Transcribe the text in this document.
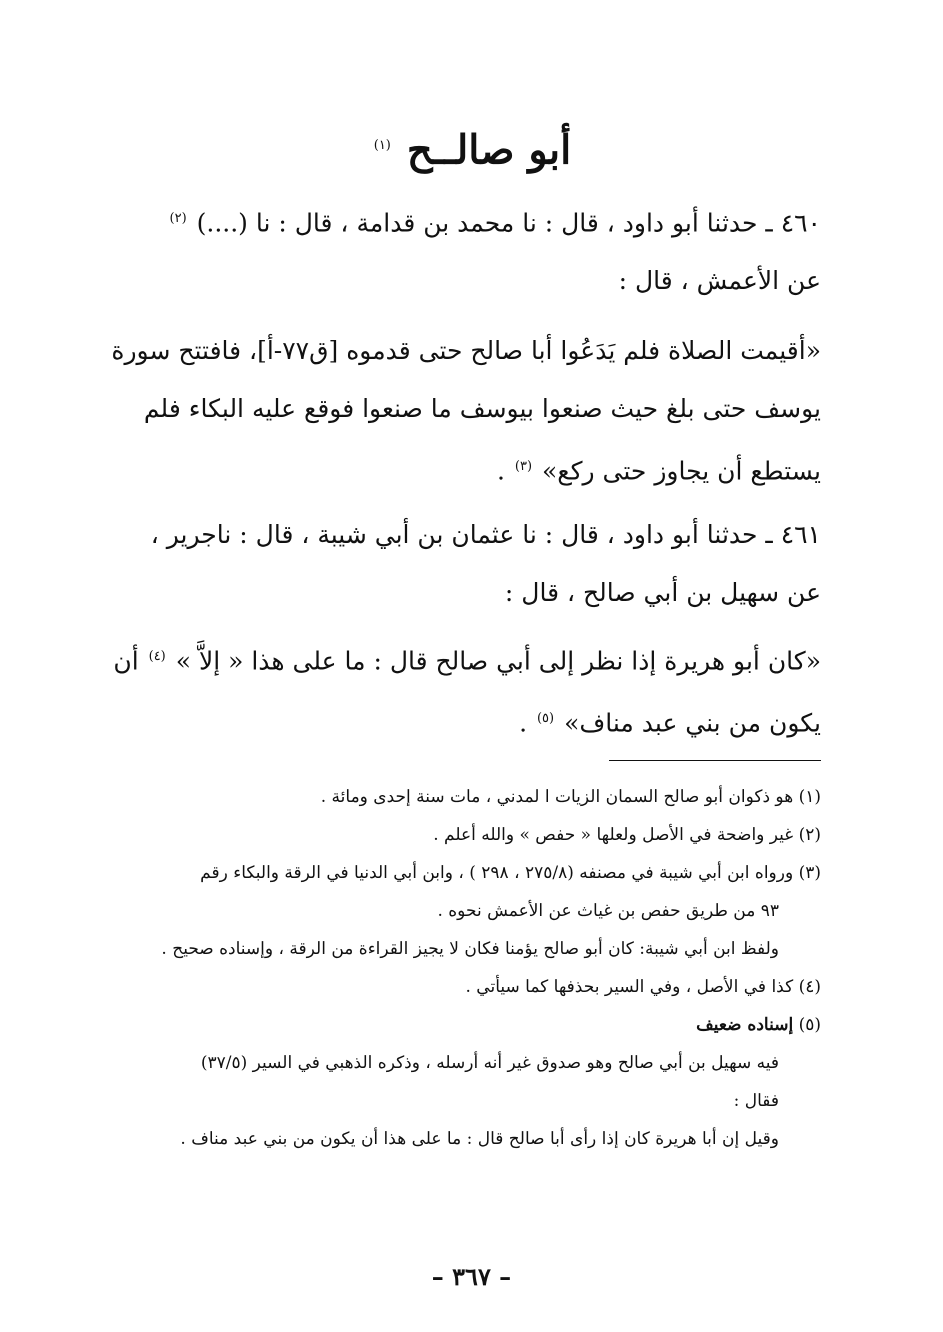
أبو صالــح $^{(١)}$

٤٦٠ ـ حدثنا أبو داود ، قال : نا محمد بن قدامة ، قال : نا (....) $^{(٢)}$

عن الأعمش ، قال :

«أقيمت الصلاة فلم يَدَعُوا أبا صالح حتى قدموه [ق٧٧-أ]، فافتتح سورة

يوسف حتى بلغ حيث صنعوا بيوسف ما صنعوا فوقع عليه البكاء فلم

يستطع أن يجاوز حتى ركع» $^{(٣)}$ .

٤٦١ ـ حدثنا أبو داود ، قال : نا عثمان بن أبي شيبة ، قال : ناجرير ،

عن سهيل بن أبي صالح ، قال :

«كان أبو هريرة إذا نظر إلى أبي صالح قال : ما على هذا « إلاَّ » $^{(٤)}$ أن

يكون من بني عبد مناف» $^{(٥)}$ .

(١) هو ذكوان أبو صالح السمان الزيات ا لمدني ، مات سنة إحدى ومائة .

(٢) غير واضحة في الأصل ولعلها « حفص » والله أعلم .

(٣) ورواه ابن أبي شيبة في مصنفه (٢٧٥/٨ ، ٢٩٨ ) ، وابن أبي الدنيا في الرقة والبكاء رقم
٩٣ من طريق حفص بن غياث عن الأعمش نحوه .

ولفظ ابن أبي شيبة: كان أبو صالح يؤمنا فكان لا يجيز القراءة من الرقة ، وإسناده صحيح .

(٤) كذا في الأصل ، وفي السير بحذفها كما سيأتي .

(٥) إسناده ضعيف

فيه سهيل بن أبي صالح وهو صدوق غير أنه أرسله ، وذكره الذهبي في السير (٣٧/٥)

فقال :

وقيل إن أبا هريرة كان إذا رأى أبا صالح قال : ما على هذا أن يكون من بني عبد مناف .

– ٣٦٧ –
